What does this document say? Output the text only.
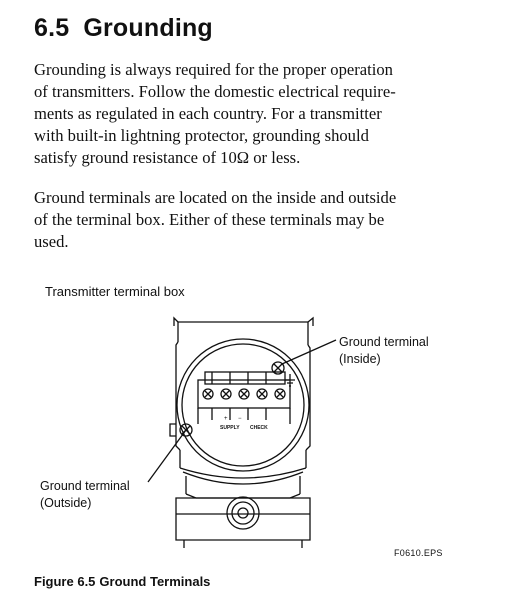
6.5 Grounding
Grounding is always required for the proper operation
of transmitters. Follow the domestic electrical require-
ments as regulated in each country. For a transmitter
with built-in lightning protector, grounding should
satisfy ground resistance of 10Ω or less.
Ground terminals are located on the inside and outside
of the terminal box. Either of these terminals may be
used.
Transmitter terminal box
SUPPLY CHECK
+ −
Ground terminal
(Inside)
Ground terminal
(Outside)
F0610.EPS
Figure 6.5 Ground Terminals
